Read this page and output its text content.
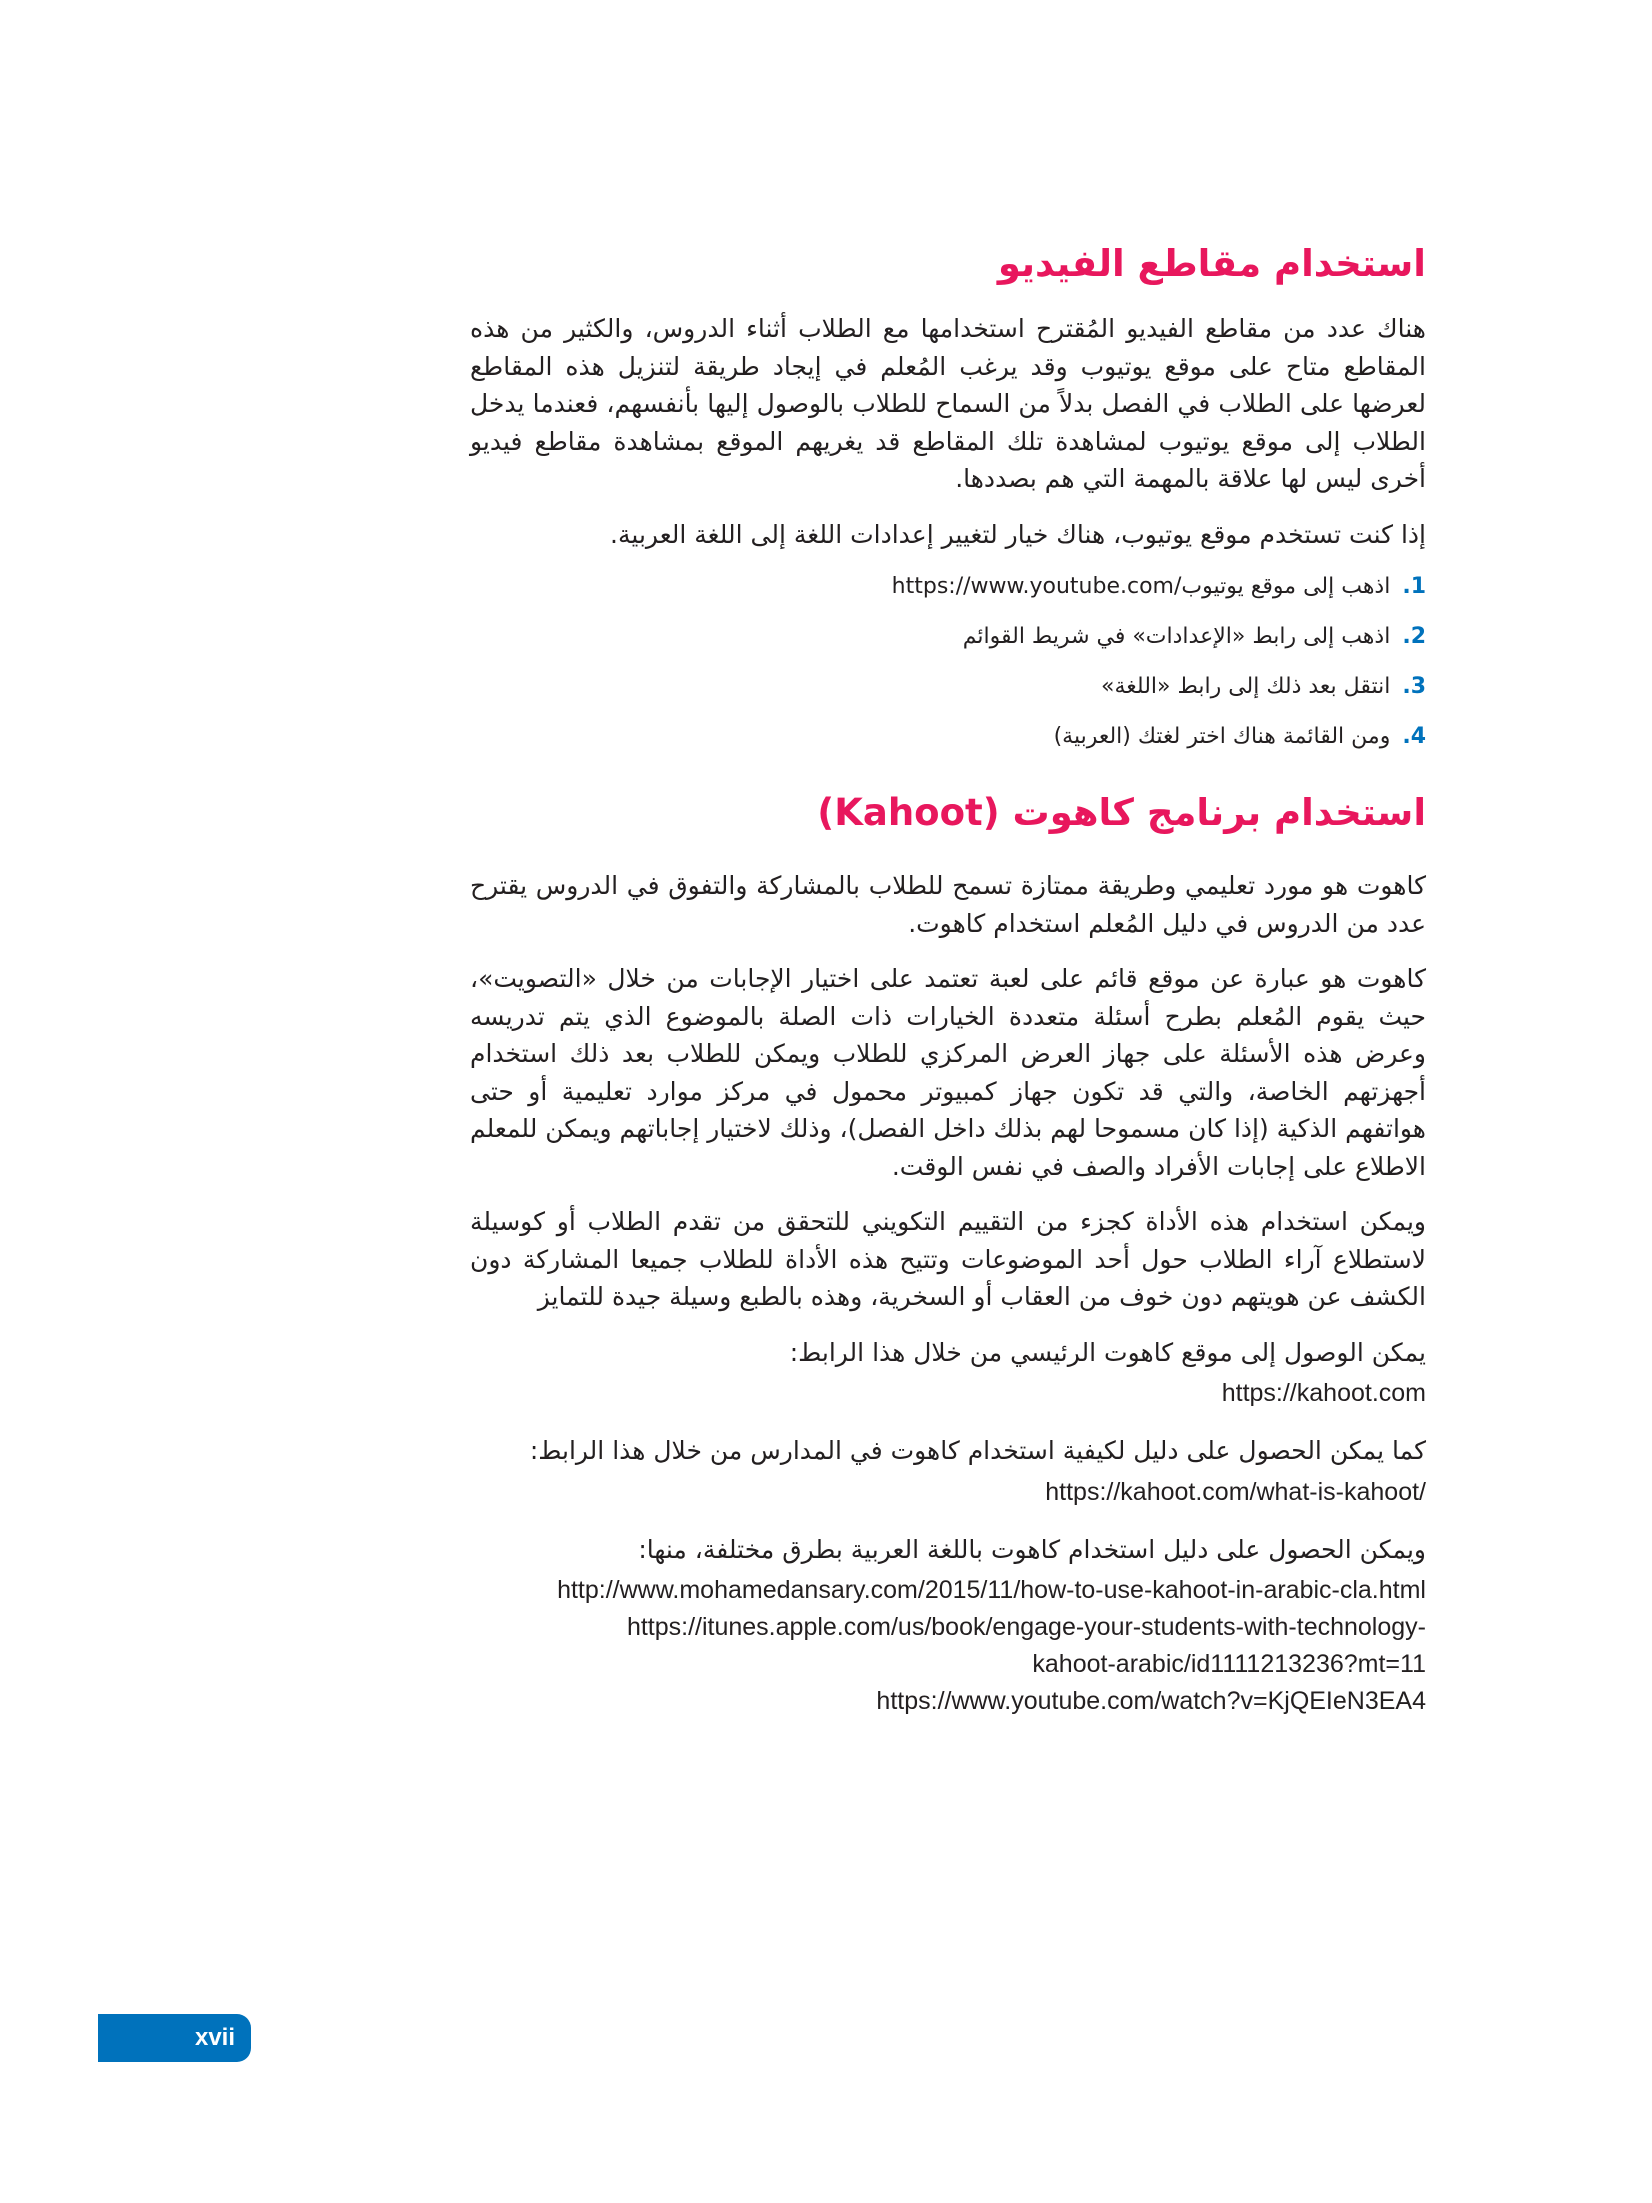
استخدام مقاطع الفيديو

هناك عدد من مقاطع الفيديو المُقترح استخدامها مع الطلاب أثناء الدروس، والكثير من هذه المقاطع متاح على موقع يوتيوب وقد يرغب المُعلم في إيجاد طريقة لتنزيل هذه المقاطع لعرضها على الطلاب في الفصل بدلاً من السماح للطلاب بالوصول إليها بأنفسهم، فعندما يدخل الطلاب إلى موقع يوتيوب لمشاهدة تلك المقاطع قد يغريهم الموقع بمشاهدة مقاطع فيديو أخرى ليس لها علاقة بالمهمة التي هم بصددها.

إذا كنت تستخدم موقع يوتيوب، هناك خيار لتغيير إعدادات اللغة إلى اللغة العربية.

1.اذهب إلى موقع يوتيوب/https://www.youtube.com
2.اذهب إلى رابط «الإعدادات» في شريط القوائم
3.انتقل بعد ذلك إلى رابط «اللغة»
4.ومن القائمة هناك اختر لغتك (العربية)
استخدام برنامج كاهوت (Kahoot)

كاهوت هو مورد تعليمي وطريقة ممتازة تسمح للطلاب بالمشاركة والتفوق في الدروس يقترح عدد من الدروس في دليل المُعلم استخدام كاهوت.

كاهوت هو عبارة عن موقع قائم على لعبة تعتمد على اختيار الإجابات من خلال «التصويت»، حيث يقوم المُعلم بطرح أسئلة متعددة الخيارات ذات الصلة بالموضوع الذي يتم تدريسه وعرض هذه الأسئلة على جهاز العرض المركزي للطلاب ويمكن للطلاب بعد ذلك استخدام أجهزتهم الخاصة، والتي قد تكون جهاز كمبيوتر محمول في مركز موارد تعليمية أو حتى هواتفهم الذكية (إذا كان مسموحا لهم بذلك داخل الفصل)، وذلك لاختيار إجاباتهم ويمكن للمعلم الاطلاع على إجابات الأفراد والصف في نفس الوقت.

ويمكن استخدام هذه الأداة كجزء من التقييم التكويني للتحقق من تقدم الطلاب أو كوسيلة لاستطلاع آراء الطلاب حول أحد الموضوعات وتتيح هذه الأداة للطلاب جميعا المشاركة دون الكشف عن هويتهم دون خوف من العقاب أو السخرية، وهذه بالطبع وسيلة جيدة للتمايز

يمكن الوصول إلى موقع كاهوت الرئيسي من خلال هذا الرابط:

https://kahoot.com

كما يمكن الحصول على دليل لكيفية استخدام كاهوت في المدارس من خلال هذا الرابط:

https://kahoot.com/what-is-kahoot/

ويمكن الحصول على دليل استخدام كاهوت باللغة العربية بطرق مختلفة، منها:

http://www.mohamedansary.com/2015/11/how-to-use-kahoot-in-arabic-cla.html
https://itunes.apple.com/us/book/engage-your-students-with-technology-
kahoot-arabic/id1111213236?mt=11
https://www.youtube.com/watch?v=KjQEIeN3EA4
xvii
